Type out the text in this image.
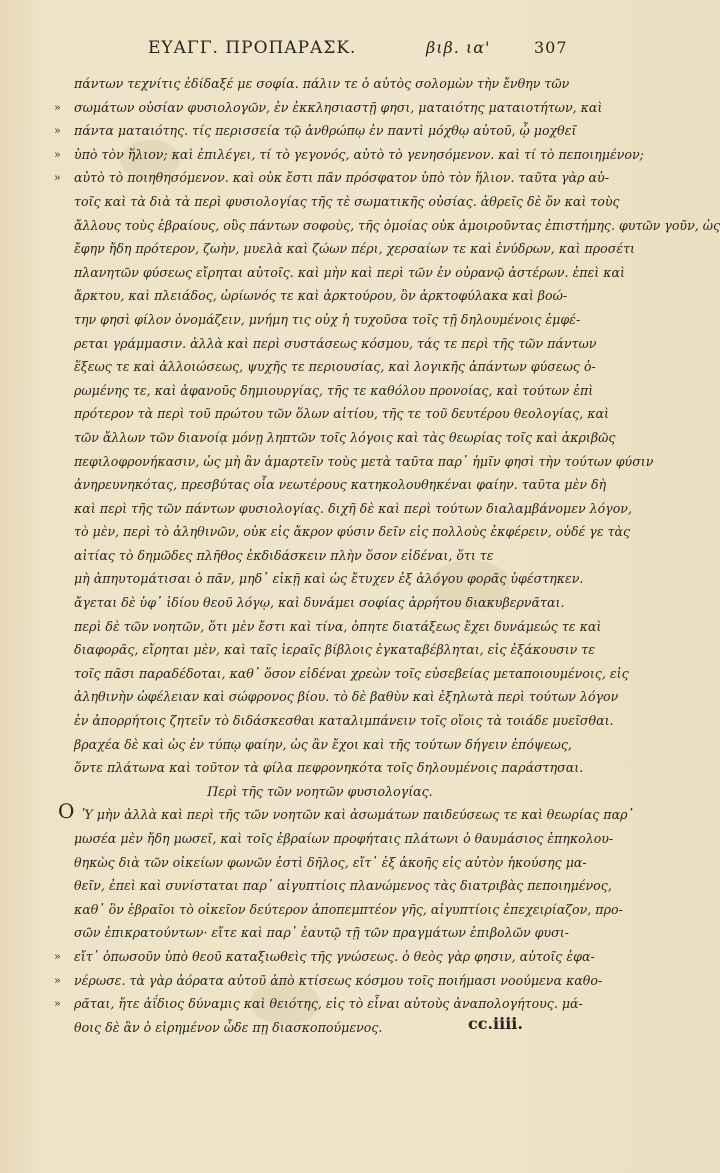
ΕΥΑΓΓ. ΠΡΟΠΑΡΑΣΚ.	βιβ. ια'	307
πάντων τεχνίτις ἐδίδαξέ με σοφία. πάλιν τε ὁ αὐτὸς σολομὼν τὴν ἔνθην τῶν
»	σωμάτων οὐσίαν φυσιολογῶν, ἐν ἐκκλησιαστῇ φησι, ματαιότης ματαιοτήτων, καὶ
»	πάντα ματαιότης. τίς περισσεία τῷ ἀνθρώπῳ ἐν παντὶ μόχθῳ αὐτοῦ, ᾧ μοχθεῖ
»	ὑπὸ τὸν ἥλιον; καὶ ἐπιλέγει, τί τὸ γεγονός, αὐτὸ τὸ γενησόμενον. καὶ τί τὸ πεποιημένον;
»	αὐτὸ τὸ ποιηθησόμενον. καὶ οὐκ ἔστι πᾶν πρόσφατον ὑπὸ τὸν ἥλιον. ταῦτα γὰρ αὐ-
τοῖς καὶ τὰ διὰ τὰ περὶ φυσιολογίας τῆς τὲ σωματικῆς οὐσίας. ἀθρεῖς δὲ ὅν καὶ τοὺς
ἄλλους τοὺς ἑβραίους, οὓς πάντων σοφοὺς, τῆς ὁμοίας οὐκ ἀμοιροῦντας ἐπιστήμης. φυτῶν γοῦν, ὡς
ἔφην ἤδη πρότερον, ζωὴν, μυελὰ καὶ ζώων πέρι, χερσαίων τε καὶ ἐνύδρων, καὶ προσέτι
πλανητῶν φύσεως εἴρηται αὐτοῖς. καὶ μὴν καὶ περὶ τῶν ἐν οὐρανῷ ἀστέρων. ἐπεὶ καὶ
ἄρκτου, καὶ πλειάδος, ὠρίωνός τε καὶ ἀρκτούρου, ὃν ἀρκτοφύλακα καὶ βοώ-
την φησὶ φίλον ὀνομάζειν, μνήμη τις οὐχ ἡ τυχοῦσα τοῖς τῇ δηλουμένοις ἐμφέ-
ρεται γράμμασιν. ἀλλὰ καὶ περὶ συστάσεως κόσμου, τάς τε περὶ τῆς τῶν πάντων
ἕξεως τε καὶ ἀλλοιώσεως, ψυχῆς τε περιουσίας, καὶ λογικῆς ἀπάντων φύσεως ὁ-
ρωμένης τε, καὶ ἀφανοῦς δημιουργίας, τῆς τε καθόλου προνοίας, καὶ τούτων ἐπὶ
πρότερον τὰ περὶ τοῦ πρώτου τῶν ὅλων αἰτίου, τῆς τε τοῦ δευτέρου θεολογίας, καὶ
τῶν ἄλλων τῶν διανοίᾳ μόνῃ ληπτῶν τοῖς λόγοις καὶ τὰς θεωρίας τοῖς καὶ ἀκριβῶς
πεφιλοφρονήκασιν, ὡς μὴ ἂν ἁμαρτεῖν τοὺς μετὰ ταῦτα παρ᾽ ἡμῖν φησὶ τὴν τούτων φύσιν
ἀνηρευνηκότας, πρεσβύτας οἷα νεωτέρους κατηκολουθηκέναι φαίην. ταῦτα μὲν δὴ
καὶ περὶ τῆς τῶν πάντων φυσιολογίας. διχῆ δὲ καὶ περὶ τούτων διαλαμβάνομεν λόγον,
τὸ μὲν, περὶ τὸ ἀληθινῶν, οὐκ εἰς ἄκρον φύσιν δεῖν εἰς πολλοὺς ἐκφέρειν, οὐδέ γε τὰς
αἰτίας τὸ δημῶδες πλῆθος ἐκδιδάσκειν πλὴν ὅσον εἰδέναι, ὅτι τε
μὴ ἀπηυτομάτισαι ὁ πᾶν, μηδ᾽ εἰκῇ καὶ ὡς ἔτυχεν ἐξ ἀλόγου φορᾶς ὑφέστηκεν.
ἄγεται δὲ ὑφ᾽ ἰδίου θεοῦ λόγῳ, καὶ δυνάμει σοφίας ἀρρήτου διακυβερνᾶται.
περὶ δὲ τῶν νοητῶν, ὅτι μὲν ἔστι καὶ τίνα, ὁπητε διατάξεως ἔχει δυνάμεώς τε καὶ
διαφορᾶς, εἴρηται μὲν, καὶ ταῖς ἱεραῖς βίβλοις ἐγκαταβέβληται, εἰς ἐξάκουσιν τε
τοῖς πᾶσι παραδέδοται, καθ᾽ ὅσον εἰδέναι χρεὼν τοῖς εὐσεβείας μεταποιουμένοις, εἰς
ἀληθινὴν ὠφέλειαν καὶ σώφρονος βίου. τὸ δὲ βαθὺν καὶ ἐξηλωτὰ περὶ τούτων λόγον
ἐν ἀπορρήτοις ζητεῖν τὸ διδάσκεσθαι καταλιμπάνειν τοῖς οἵοις τὰ τοιάδε μυεῖσθαι.
βραχέα δὲ καὶ ὡς ἐν τύπῳ φαίην, ὡς ἂν ἔχοι καὶ τῆς τούτων δήγειν ἐπόψεως,
ὅντε πλάτωνα καὶ τοῦτον τὰ φίλα πεφρονηκότα τοῖς δηλουμένοις παράστησαι.
Περὶ τῆς τῶν νοητῶν φυσιολογίας.
O Ὑ μὴν ἀλλὰ καὶ περὶ τῆς τῶν νοητῶν καὶ ἀσωμάτων παιδεύσεως τε καὶ θεωρίας παρ᾽
μωσέα μὲν ἤδη μωσεῖ, καὶ τοῖς ἑβραίων προφήταις πλάτωνι ὁ θαυμάσιος ἐπηκολου-
θηκὼς διὰ τῶν οἰκείων φωνῶν ἐστὶ δῆλος, εἴτ᾽ ἐξ ἀκοῆς εἰς αὐτὸν ἡκούσης μα-
θεῖν, ἐπεὶ καὶ συνίσταται παρ᾽ αἰγυπτίοις πλανώμενος τὰς διατριβὰς πεποιημένος,
καθ᾽ ὃν ἑβραῖοι τὸ οἰκεῖον δεύτερον ἀποπεμπτέον γῆς, αἰγυπτίοις ἐπεχειρίαζον, προ-
σῶν ἐπικρατούντων· εἴτε καὶ παρ᾽ ἑαυτῷ τῇ τῶν πραγμάτων ἐπιβολῶν φυσι-
»	εἴτ᾽ ὁπωσοῦν ὑπὸ θεοῦ καταξιωθεὶς τῆς γνώσεως. ὁ θεὸς γὰρ φησιν, αὐτοῖς ἐφα-
»	νέρωσε. τὰ γὰρ ἀόρατα αὐτοῦ ἀπὸ κτίσεως κόσμου τοῖς ποιήμασι νοούμενα καθο-
»	ρᾶται, ἥτε ἀΐδιος δύναμις καὶ θειότης, εἰς τὸ εἶναι αὐτοὺς ἀναπολογήτους. μά-
θοις δὲ ἂν ὁ εἰρημένον ὧδε πῃ διασκοπούμενος.	cc.iiii.
